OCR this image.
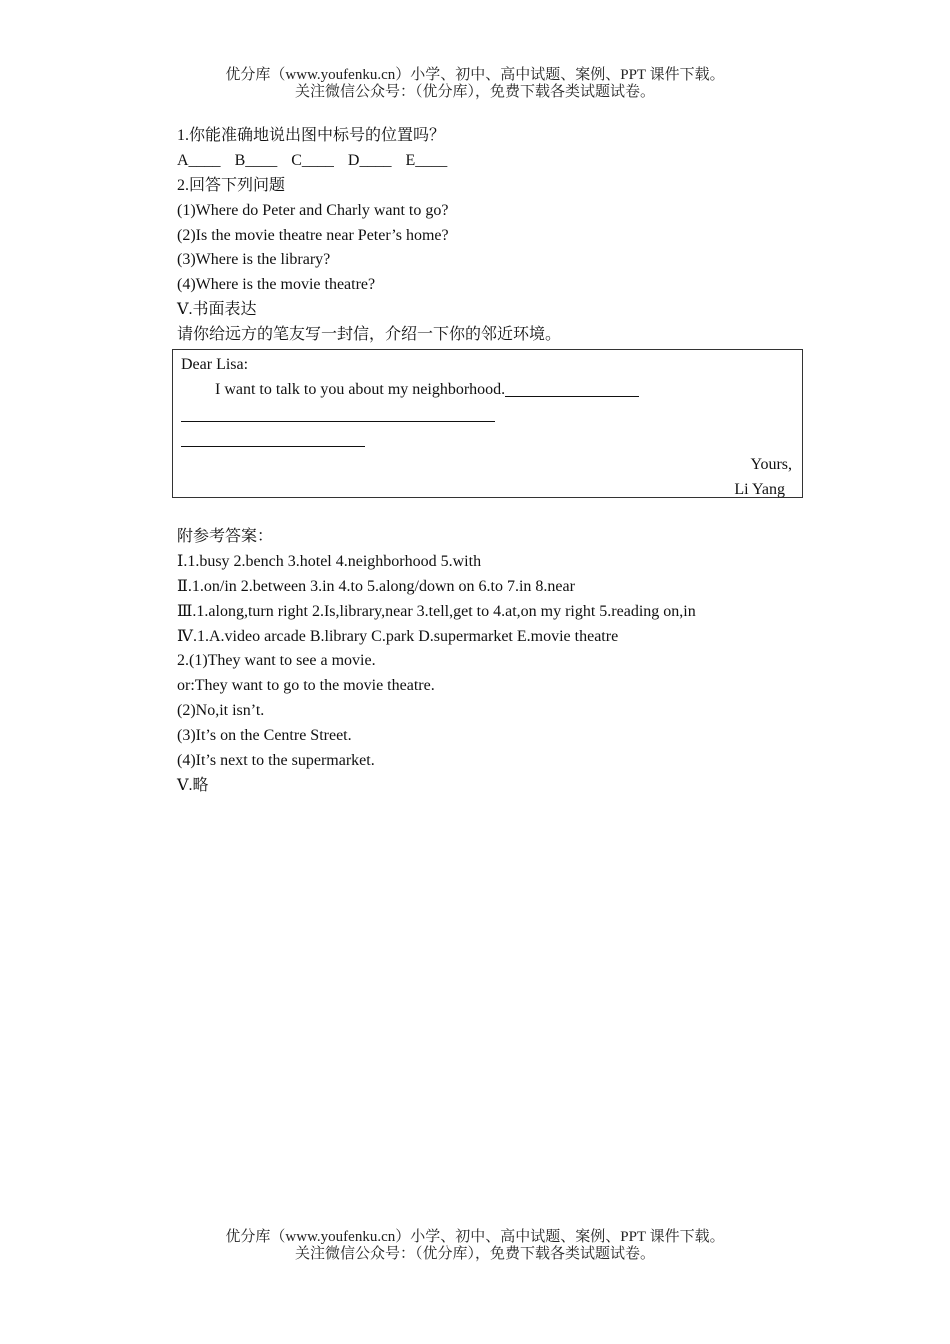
优分库（www.youfenku.cn）小学、初中、高中试题、案例、PPT 课件下载。
关注微信公众号：（优分库），免费下载各类试题试卷。
1.你能准确地说出图中标号的位置吗？
A____ B____ C____ D____ E____
2.回答下列问题
(1)Where do Peter and Charly want to go?
(2)Is the movie theatre near Peter’s home?
(3)Where is the library?
(4)Where is the movie theatre?
Ⅴ.书面表达
请你给远方的笔友写一封信，介绍一下你的邻近环境。
Dear Lisa:
I want to talk to you about my neighborhood.
Yours,
Li Yang
附参考答案：
Ⅰ.1.busy 2.bench 3.hotel 4.neighborhood 5.with
Ⅱ.1.on/in 2.between 3.in 4.to 5.along/down on 6.to 7.in 8.near
Ⅲ.1.along,turn right 2.Is,library,near 3.tell,get to 4.at,on my right 5.reading on,in
Ⅳ.1.A.video arcade B.library C.park D.supermarket E.movie theatre
2.(1)They want to see a movie.
or:They want to go to the movie theatre.
(2)No,it isn’t.
(3)It’s on the Centre Street.
(4)It’s next to the supermarket.
Ⅴ.略
优分库（www.youfenku.cn）小学、初中、高中试题、案例、PPT 课件下载。
关注微信公众号：（优分库），免费下载各类试题试卷。
